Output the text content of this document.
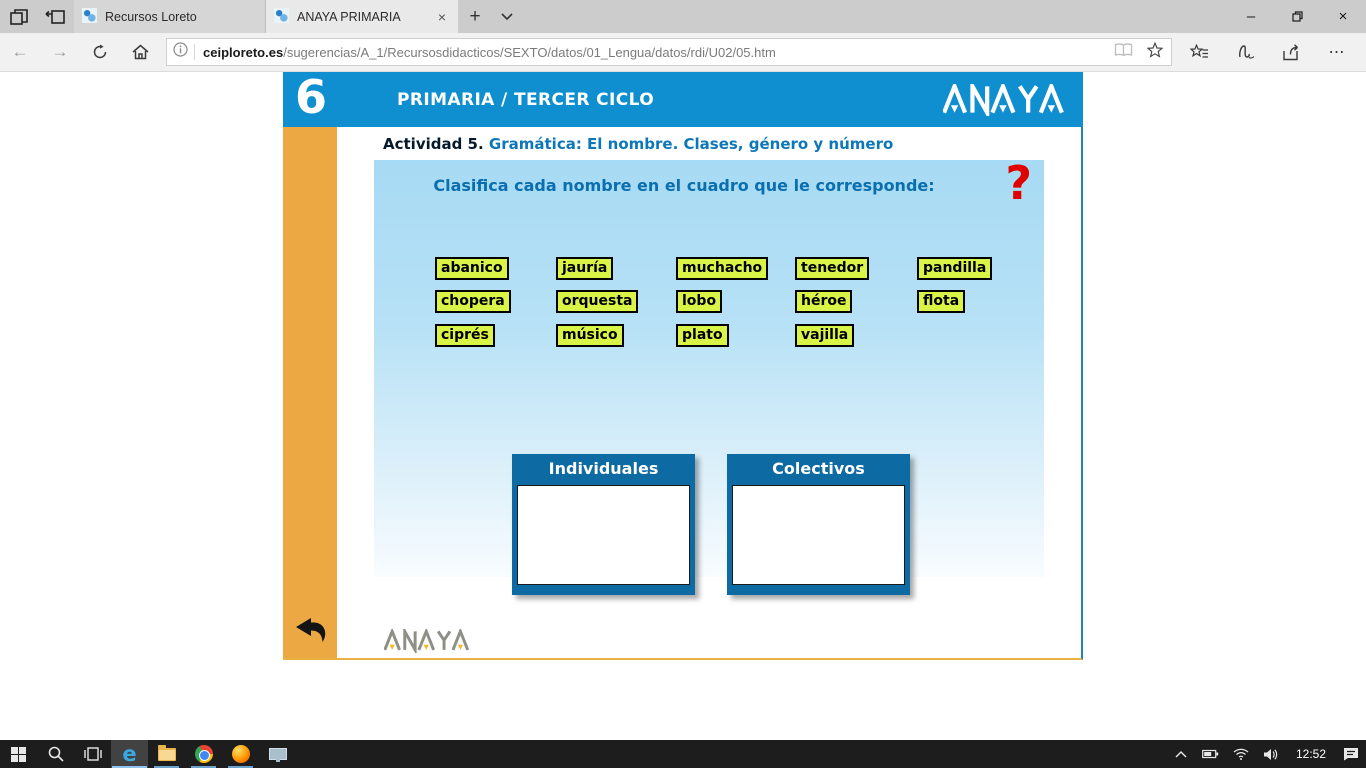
Recursos Loreto	ANAYA PRIMARIA	×	+	–	×
←	→	ceiploreto.es/sugerencias/A_1/Recursosdidacticos/SEXTO/datos/01_Lengua/datos/rdi/U02/05.htm	⋯
6	PRIMARIA / TERCER CICLO
Actividad 5. Gramática: El nombre. Clases, género y número
Clasifica cada nombre en el cuadro que le corresponde:	?
abanico	jauría	muchacho	tenedor	pandilla
chopera	orquesta	lobo	héroe	flota
ciprés	músico	plato	vajilla
Individuales	Colectivos
e	12:52
